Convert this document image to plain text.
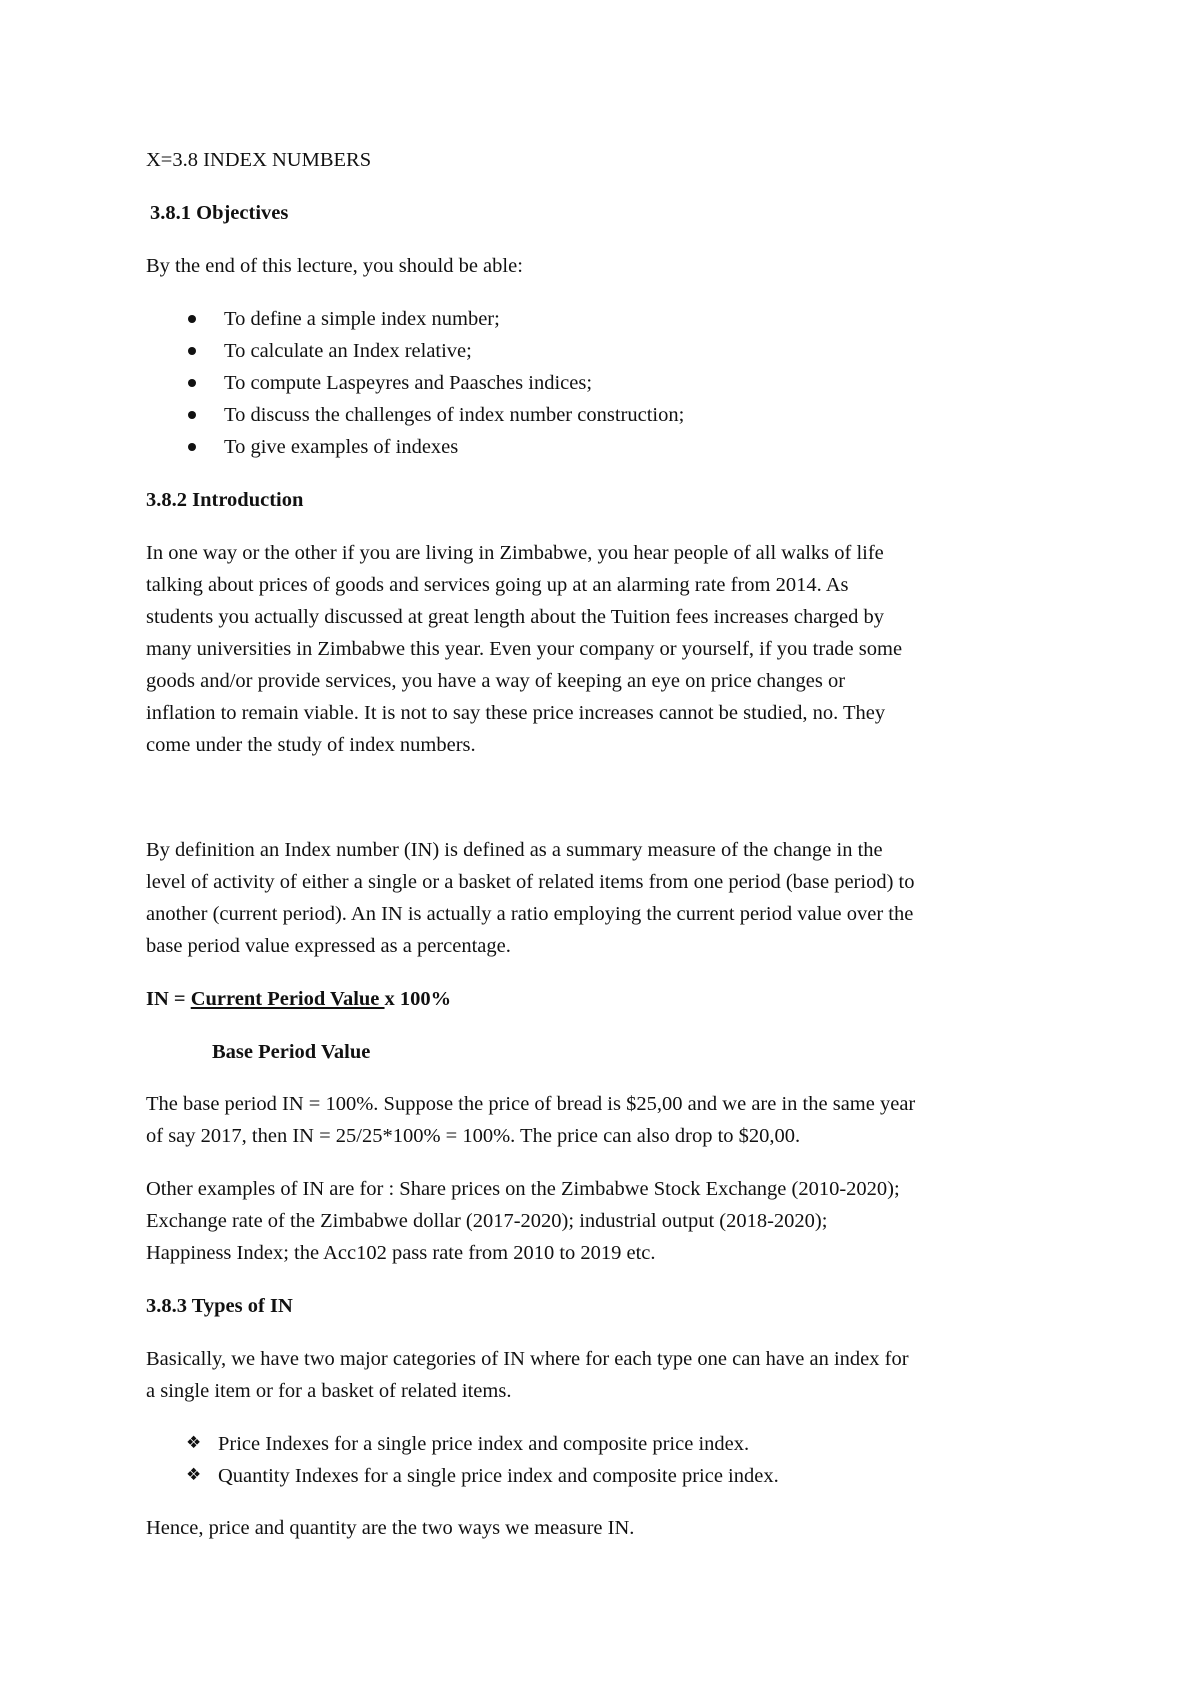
X=3.8 INDEX NUMBERS
3.8.1 Objectives
By the end of this lecture, you should be able:
To define a simple index number;
To calculate an Index relative;
To compute Laspeyres and Paasches indices;
To discuss the challenges of index number construction;
To give examples of indexes
3.8.2 Introduction
In one way or the other if you are living in Zimbabwe, you hear people of all walks of life
talking about prices of goods and services going up at an alarming rate from 2014. As
students you actually discussed at great length about the Tuition fees increases charged by
many universities in Zimbabwe this year. Even your company or yourself, if you trade some
goods and/or provide services, you have a way of keeping an eye on price changes or
inflation to remain viable. It is not to say these price increases cannot be studied, no. They
come under the study of index numbers.
By definition an Index number (IN) is defined as a summary measure of the change in the
level of activity of either a single or a basket of related items from one period (base period) to
another (current period). An IN is actually a ratio employing the current period value over the
base period value expressed as a percentage.
IN = Current Period Value x 100%
Base Period Value
The base period IN = 100%. Suppose the price of bread is $25,00 and we are in the same year
of say 2017, then IN = 25/25*100% = 100%. The price can also drop to $20,00.
Other examples of IN are for : Share prices on the Zimbabwe Stock Exchange (2010-2020);
Exchange rate of the Zimbabwe dollar (2017-2020); industrial output (2018-2020);
Happiness Index; the Acc102 pass rate from 2010 to 2019 etc.
3.8.3 Types of IN
Basically, we have two major categories of IN where for each type one can have an index for
a single item or for a basket of related items.
❖ Price Indexes for a single price index and composite price index.
❖ Quantity Indexes for a single price index and composite price index.
Hence, price and quantity are the two ways we measure IN.
